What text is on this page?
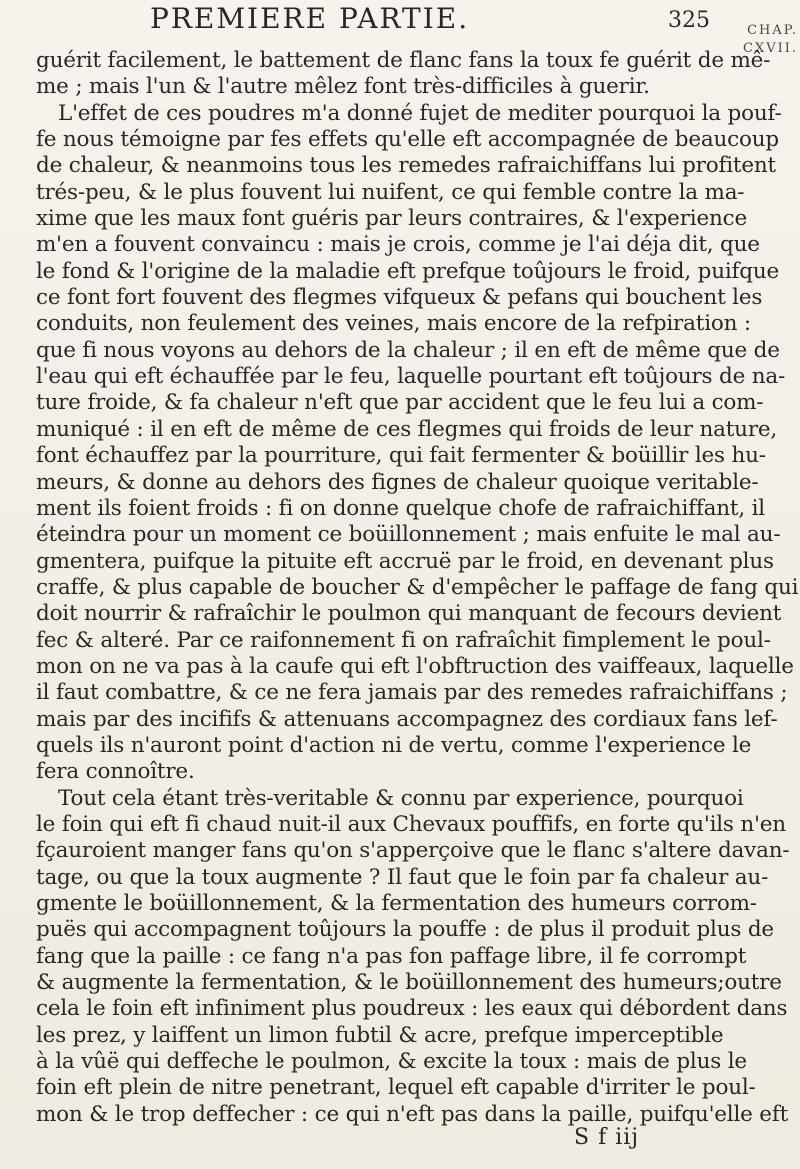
PREMIERE PARTIE.	325	CHAP.
CXVII.
guérit facilement, le battement de flanc fans la toux fe guérit de mê-
me ; mais l'un & l'autre mêlez font très-difficiles à guerir.
L'effet de ces poudres m'a donné fujet de mediter pourquoi la pouf-
fe nous témoigne par fes effets qu'elle eft accompagnée de beaucoup
de chaleur, & neanmoins tous les remedes rafraichiffans lui profitent
trés-peu, & le plus fouvent lui nuifent, ce qui femble contre la ma-
xime que les maux font guéris par leurs contraires, & l'experience
m'en a fouvent convaincu : mais je crois, comme je l'ai déja dit, que
le fond & l'origine de la maladie eft prefque toûjours le froid, puifque
ce font fort fouvent des flegmes vifqueux & pefans qui bouchent les
conduits, non feulement des veines, mais encore de la refpiration :
que fi nous voyons au dehors de la chaleur ; il en eft de même que de
l'eau qui eft échauffée par le feu, laquelle pourtant eft toûjours de na-
ture froide, & fa chaleur n'eft que par accident que le feu lui a com-
muniqué : il en eft de même de ces flegmes qui froids de leur nature,
font échauffez par la pourriture, qui fait fermenter & boüillir les hu-
meurs, & donne au dehors des fignes de chaleur quoique veritable-
ment ils foient froids : fi on donne quelque chofe de rafraichiffant, il
éteindra pour un moment ce boüillonnement ; mais enfuite le mal au-
gmentera, puifque la pituite eft accruë par le froid, en devenant plus
craffe, & plus capable de boucher & d'empêcher le paffage de fang qui
doit nourrir & rafraîchir le poulmon qui manquant de fecours devient
fec & alteré. Par ce raifonnement fi on rafraîchit fimplement le poul-
mon on ne va pas à la caufe qui eft l'obftruction des vaiffeaux, laquelle
il faut combattre, & ce ne fera jamais par des remedes rafraichiffans ;
mais par des incififs & attenuans accompagnez des cordiaux fans lef-
quels ils n'auront point d'action ni de vertu, comme l'experience le
fera connoître.
Tout cela étant très-veritable & connu par experience, pourquoi
le foin qui eft fi chaud nuit-il aux Chevaux pouffifs, en forte qu'ils n'en
fçauroient manger fans qu'on s'apperçoive que le flanc s'altere davan-
tage, ou que la toux augmente ? Il faut que le foin par fa chaleur au-
gmente le boüillonnement, & la fermentation des humeurs corrom-
puës qui accompagnent toûjours la pouffe : de plus il produit plus de
fang que la paille : ce fang n'a pas fon paffage libre, il fe corrompt
& augmente la fermentation, & le boüillonnement des humeurs;outre
cela le foin eft infiniment plus poudreux : les eaux qui débordent dans
les prez, y laiffent un limon fubtil & acre, prefque imperceptible
à la vûë qui deffeche le poulmon, & excite la toux : mais de plus le
foin eft plein de nitre penetrant, lequel eft capable d'irriter le poul-
mon & le trop deffecher : ce qui n'eft pas dans la paille, puifqu'elle eft
S f iij
